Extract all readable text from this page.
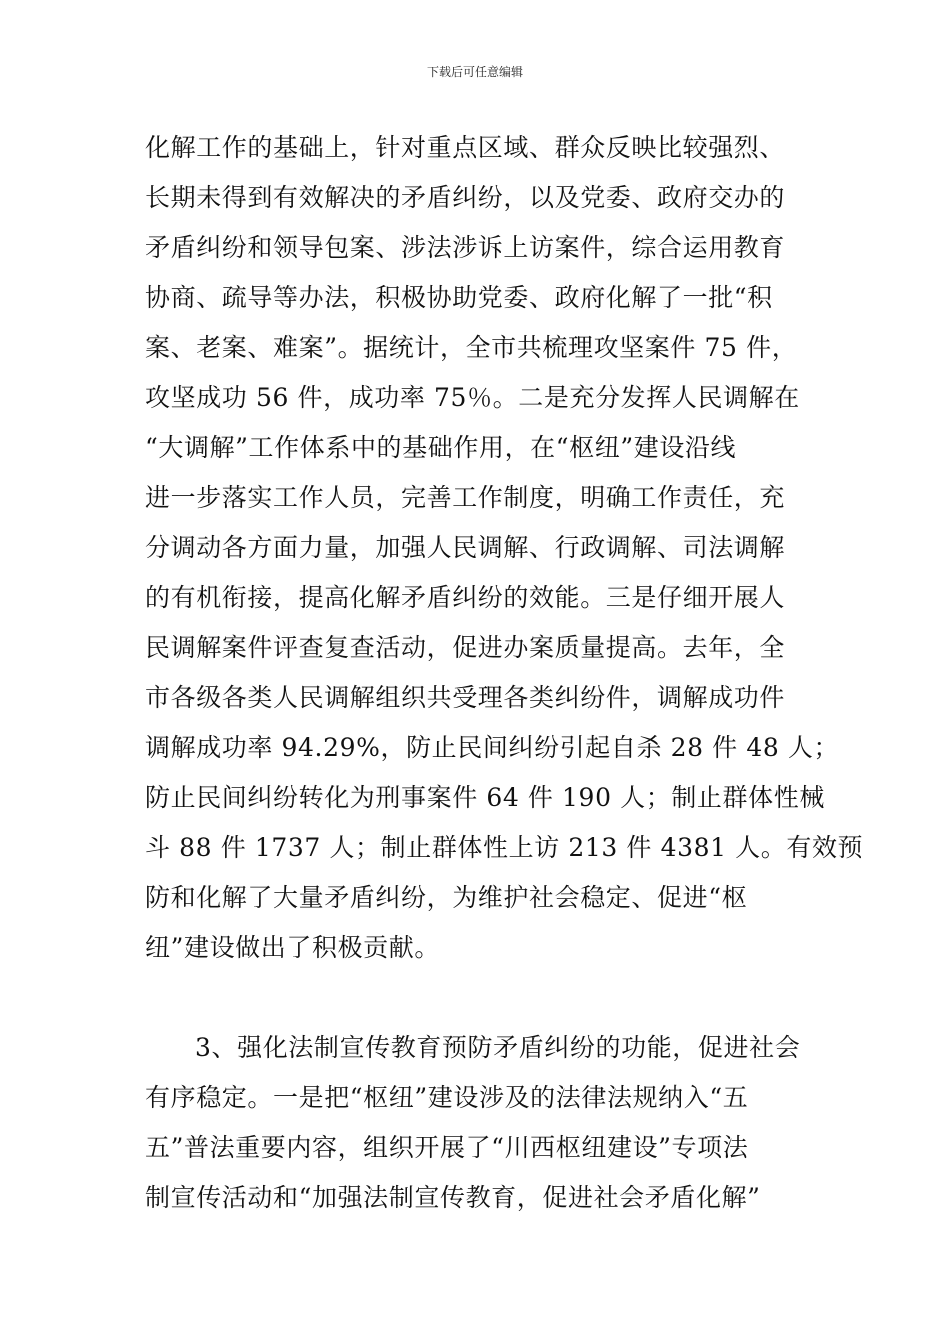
下载后可任意编辑
化解工作的基础上，针对重点区域、群众反映比较强烈、
长期未得到有效解决的矛盾纠纷，以及党委、政府交办的
矛盾纠纷和领导包案、涉法涉诉上访案件，综合运用教育
协商、疏导等办法，积极协助党委、政府化解了一批“积
案、老案、难案”。据统计，全市共梳理攻坚案件 75 件，
攻坚成功 56 件，成功率 75％。二是充分发挥人民调解在
“大调解”工作体系中的基础作用，在“枢纽”建设沿线
进一步落实工作人员，完善工作制度，明确工作责任，充
分调动各方面力量，加强人民调解、行政调解、司法调解
的有机衔接，提高化解矛盾纠纷的效能。三是仔细开展人
民调解案件评查复查活动，促进办案质量提高。去年，全
市各级各类人民调解组织共受理各类纠纷件，调解成功件
调解成功率 94.29%，防止民间纠纷引起自杀 28 件 48 人；
防止民间纠纷转化为刑事案件 64 件 190 人；制止群体性械
斗 88 件 1737 人；制止群体性上访 213 件 4381 人。有效预
防和化解了大量矛盾纠纷，为维护社会稳定、促进“枢
纽”建设做出了积极贡献。
3、强化法制宣传教育预防矛盾纠纷的功能，促进社会
有序稳定。一是把“枢纽”建设涉及的法律法规纳入“五
五”普法重要内容，组织开展了“川西枢纽建设”专项法
制宣传活动和“加强法制宣传教育，促进社会矛盾化解”
